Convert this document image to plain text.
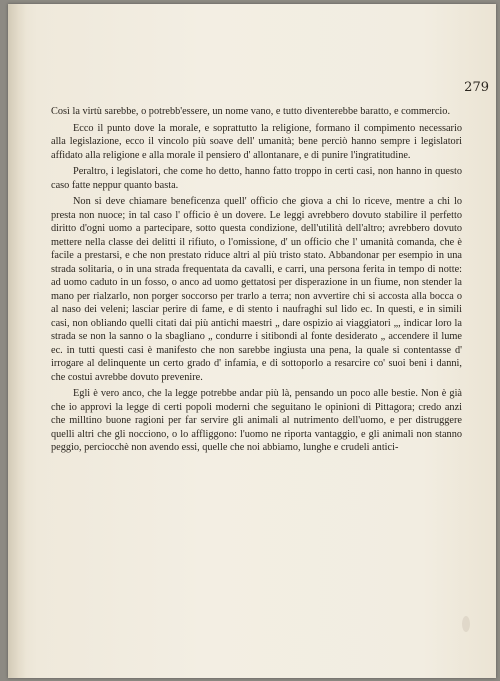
279

Così la virtù sarebbe, o potrebb'essere, un nome vano, e tutto diventerebbe baratto, e commercio.

Ecco il punto dove la morale, e soprattutto la religione, formano il compimento necessario alla legislazione, ecco il vincolo più soave dell' umanità; bene perciò hanno sempre i legislatori affidato alla religione e alla morale il pensiero d' allontanare, e di punire l'ingratitudine.

Peraltro, i legislatori, che come ho detto, hanno fatto troppo in certi casi, non hanno in questo caso fatte neppur quanto basta.

Non si deve chiamare beneficenza quell' officio che giova a chi lo riceve, mentre a chi lo presta non nuoce; in tal caso l' officio è un dovere. Le leggi avrebbero dovuto stabilire il perfetto diritto d'ogni uomo a partecipare, sotto questa condizione, dell'utilità dell'altro; avrebbero dovuto mettere nella classe dei delitti il rifiuto, o l'omissione, d' un officio che l' umanità comanda, che è facile a prestarsi, e che non prestato riduce altri al più tristo stato. Abbandonar per esempio in una strada solitaria, o in una strada frequentata da cavalli, e carri, una persona ferita in tempo di notte: ad uomo caduto in un fosso, o anco ad uomo gettatosi per disperazione in un fiume, non stender la mano per rialzarlo, non porger soccorso per trarlo a terra; non avvertire chi si accosta alla bocca o al naso dei veleni; lasciar perire di fame, e di stento i naufraghi sul lido ec. In questi, e in simili casi, non obliando quelli citati dai più antichi maestri „ dare ospizio ai viaggiatori „, indicar loro la strada se non la sanno o la sbagliano „ condurre i sitibondi al fonte desiderato „ accendere il lume ec. in tutti questi casi è manifesto che non sarebbe ingiusta una pena, la quale si contentasse d' irrogare al delinquente un certo grado d' infamia, e di sottoporlo a resarcire co' suoi beni i danni, che costui avrebbe dovuto prevenire.

Egli è vero anco, che la legge potrebbe andar più là, pensando un poco alle bestie. Non è già che io approvi la legge di certi popoli moderni che seguitano le opinioni di Pittagora; credo anzi che milltino buone ragioni per far servire gli animali al nutrimento dell'uomo, e per distruggere quelli altri che gli nocciono, o lo affliggono: l'uomo ne riporta vantaggio, e gli animali non stanno peggio, perciocchè non avendo essi, quelle che noi abbiamo, lunghe e crudeli antici-
